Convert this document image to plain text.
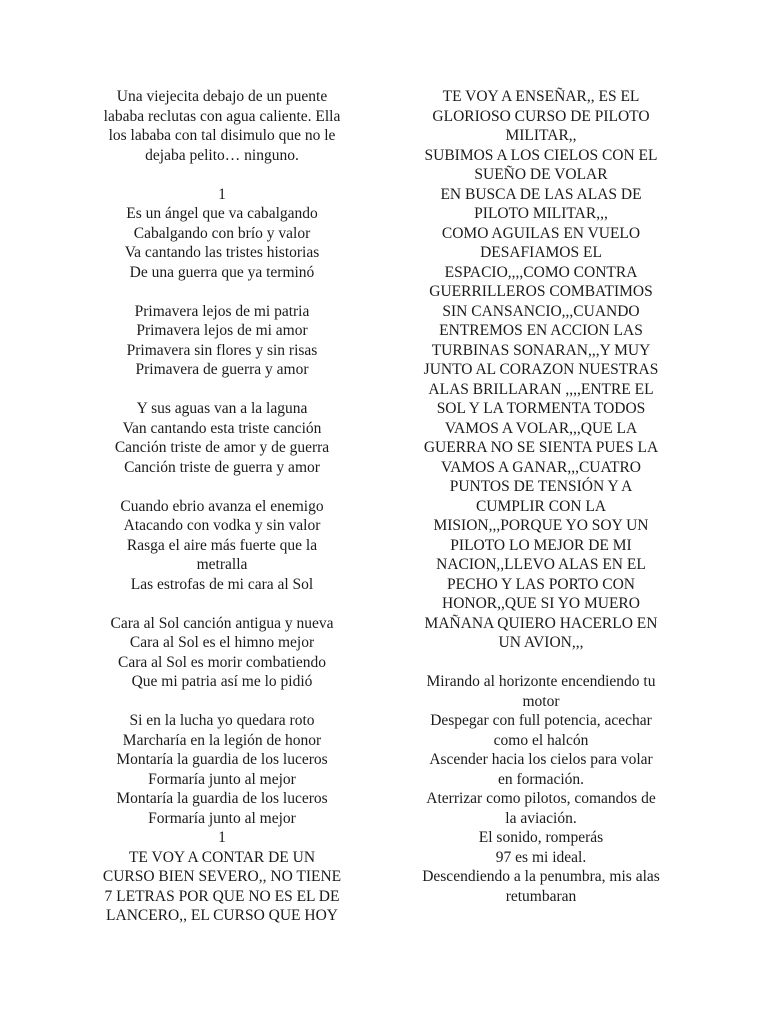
Una viejecita debajo de un puente
lababa reclutas con agua caliente. Ella
los lababa con tal disimulo que no le
dejaba pelito… ninguno.
1
Es un ángel que va cabalgando
Cabalgando con brío y valor
Va cantando las tristes historias
De una guerra que ya terminó
Primavera lejos de mi patria
Primavera lejos de mi amor
Primavera sin flores y sin risas
Primavera de guerra y amor
Y sus aguas van a la laguna
Van cantando esta triste canción
Canción triste de amor y de guerra
Canción triste de guerra y amor
Cuando ebrio avanza el enemigo
Atacando con vodka y sin valor
Rasga el aire más fuerte que la
metralla
Las estrofas de mi cara al Sol
Cara al Sol canción antigua y nueva
Cara al Sol es el himno mejor
Cara al Sol es morir combatiendo
Que mi patria así me lo pidió
Si en la lucha yo quedara roto
Marcharía en la legión de honor
Montaría la guardia de los luceros
Formaría junto al mejor
Montaría la guardia de los luceros
Formaría junto al mejor
1
TE VOY A CONTAR DE UN
CURSO BIEN SEVERO,, NO TIENE
7 LETRAS POR QUE NO ES EL DE
LANCERO,, EL CURSO QUE HOY
TE VOY A ENSEÑAR,, ES EL
GLORIOSO CURSO DE PILOTO
MILITAR,,
SUBIMOS A LOS CIELOS CON EL
SUEÑO DE VOLAR
EN BUSCA DE LAS ALAS DE
PILOTO MILITAR,,,
COMO AGUILAS EN VUELO
DESAFIAMOS EL
ESPACIO,,,,COMO CONTRA
GUERRILLEROS COMBATIMOS
SIN CANSANCIO,,,CUANDO
ENTREMOS EN ACCION LAS
TURBINAS SONARAN,,,Y MUY
JUNTO AL CORAZON NUESTRAS
ALAS BRILLARAN ,,,,ENTRE EL
SOL Y LA TORMENTA TODOS
VAMOS A VOLAR,,,QUE LA
GUERRA NO SE SIENTA PUES LA
VAMOS A GANAR,,,CUATRO
PUNTOS DE TENSIÓN Y A
CUMPLIR CON LA
MISION,,,PORQUE YO SOY UN
PILOTO LO MEJOR DE MI
NACION,,LLEVO ALAS EN EL
PECHO Y LAS PORTO CON
HONOR,,QUE SI YO MUERO
MAÑANA QUIERO HACERLO EN
UN AVION,,,
Mirando al horizonte encendiendo tu
motor
Despegar con full potencia, acechar
como el halcón
Ascender hacia los cielos para volar
en formación.
Aterrizar como pilotos, comandos de
la aviación.
El sonido, romperás
97 es mi ideal.
Descendiendo a la penumbra, mis alas
retumbaran
